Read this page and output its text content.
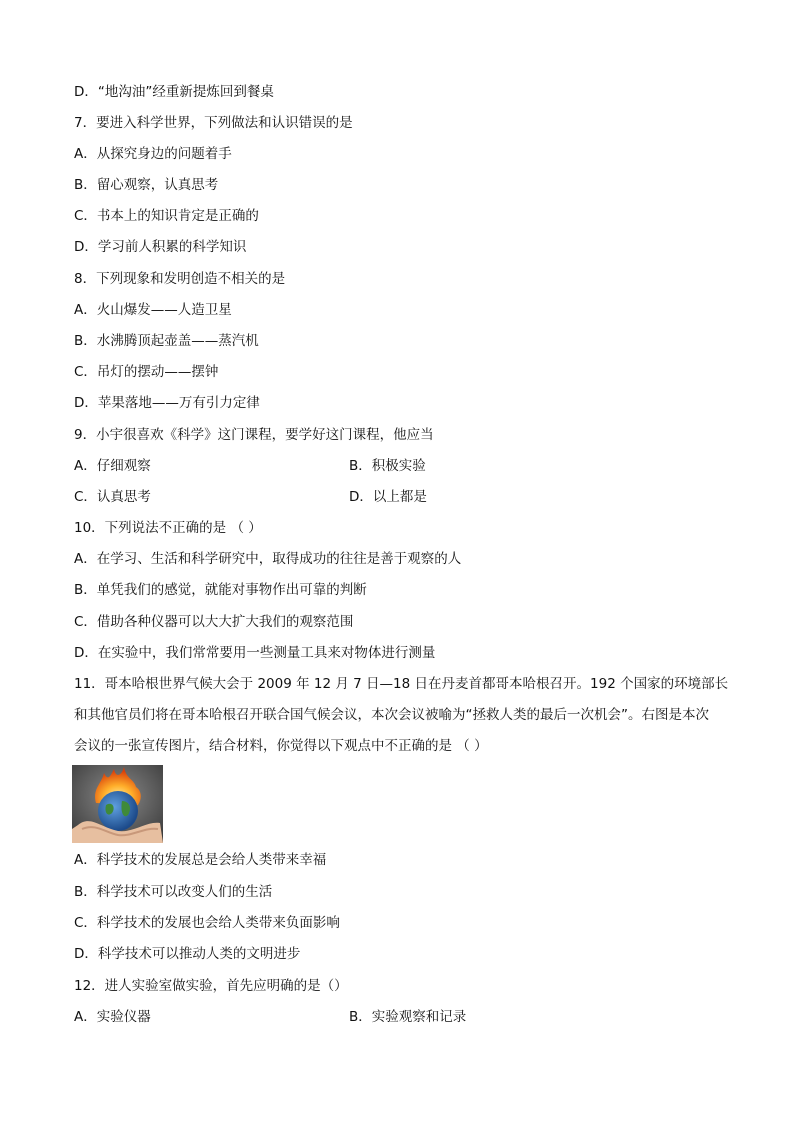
D．“地沟油”经重新提炼回到餐桌
7．要进入科学世界，下列做法和认识错误的是
A．从探究身边的问题着手
B．留心观察，认真思考
C．书本上的知识肯定是正确的
D．学习前人积累的科学知识
8．下列现象和发明创造不相关的是
A．火山爆发——人造卫星
B．水沸腾顶起壶盖——蒸汽机
C．吊灯的摆动——摆钟
D．苹果落地——万有引力定律
9．小宇很喜欢《科学》这门课程，要学好这门课程，他应当
A．仔细观察	B．积极实验
C．认真思考	D．以上都是
10．下列说法不正确的是 （ ）
A．在学习、生活和科学研究中，取得成功的往往是善于观察的人
B．单凭我们的感觉，就能对事物作出可靠的判断
C．借助各种仪器可以大大扩大我们的观察范围
D．在实验中，我们常常要用一些测量工具来对物体进行测量
11．哥本哈根世界气候大会于 2009 年 12 月 7 日—18 日在丹麦首都哥本哈根召开。192 个国家的环境部长
和其他官员们将在哥本哈根召开联合国气候会议，本次会议被喻为“拯救人类的最后一次机会”。右图是本次
会议的一张宣传图片，结合材料，你觉得以下观点中不正确的是 （ ）
A．科学技术的发展总是会给人类带来幸福
B．科学技术可以改变人们的生活
C．科学技术的发展也会给人类带来负面影响
D．科学技术可以推动人类的文明进步
12．进人实验室做实验，首先应明确的是（）
A．实验仪器	B．实验观察和记录
